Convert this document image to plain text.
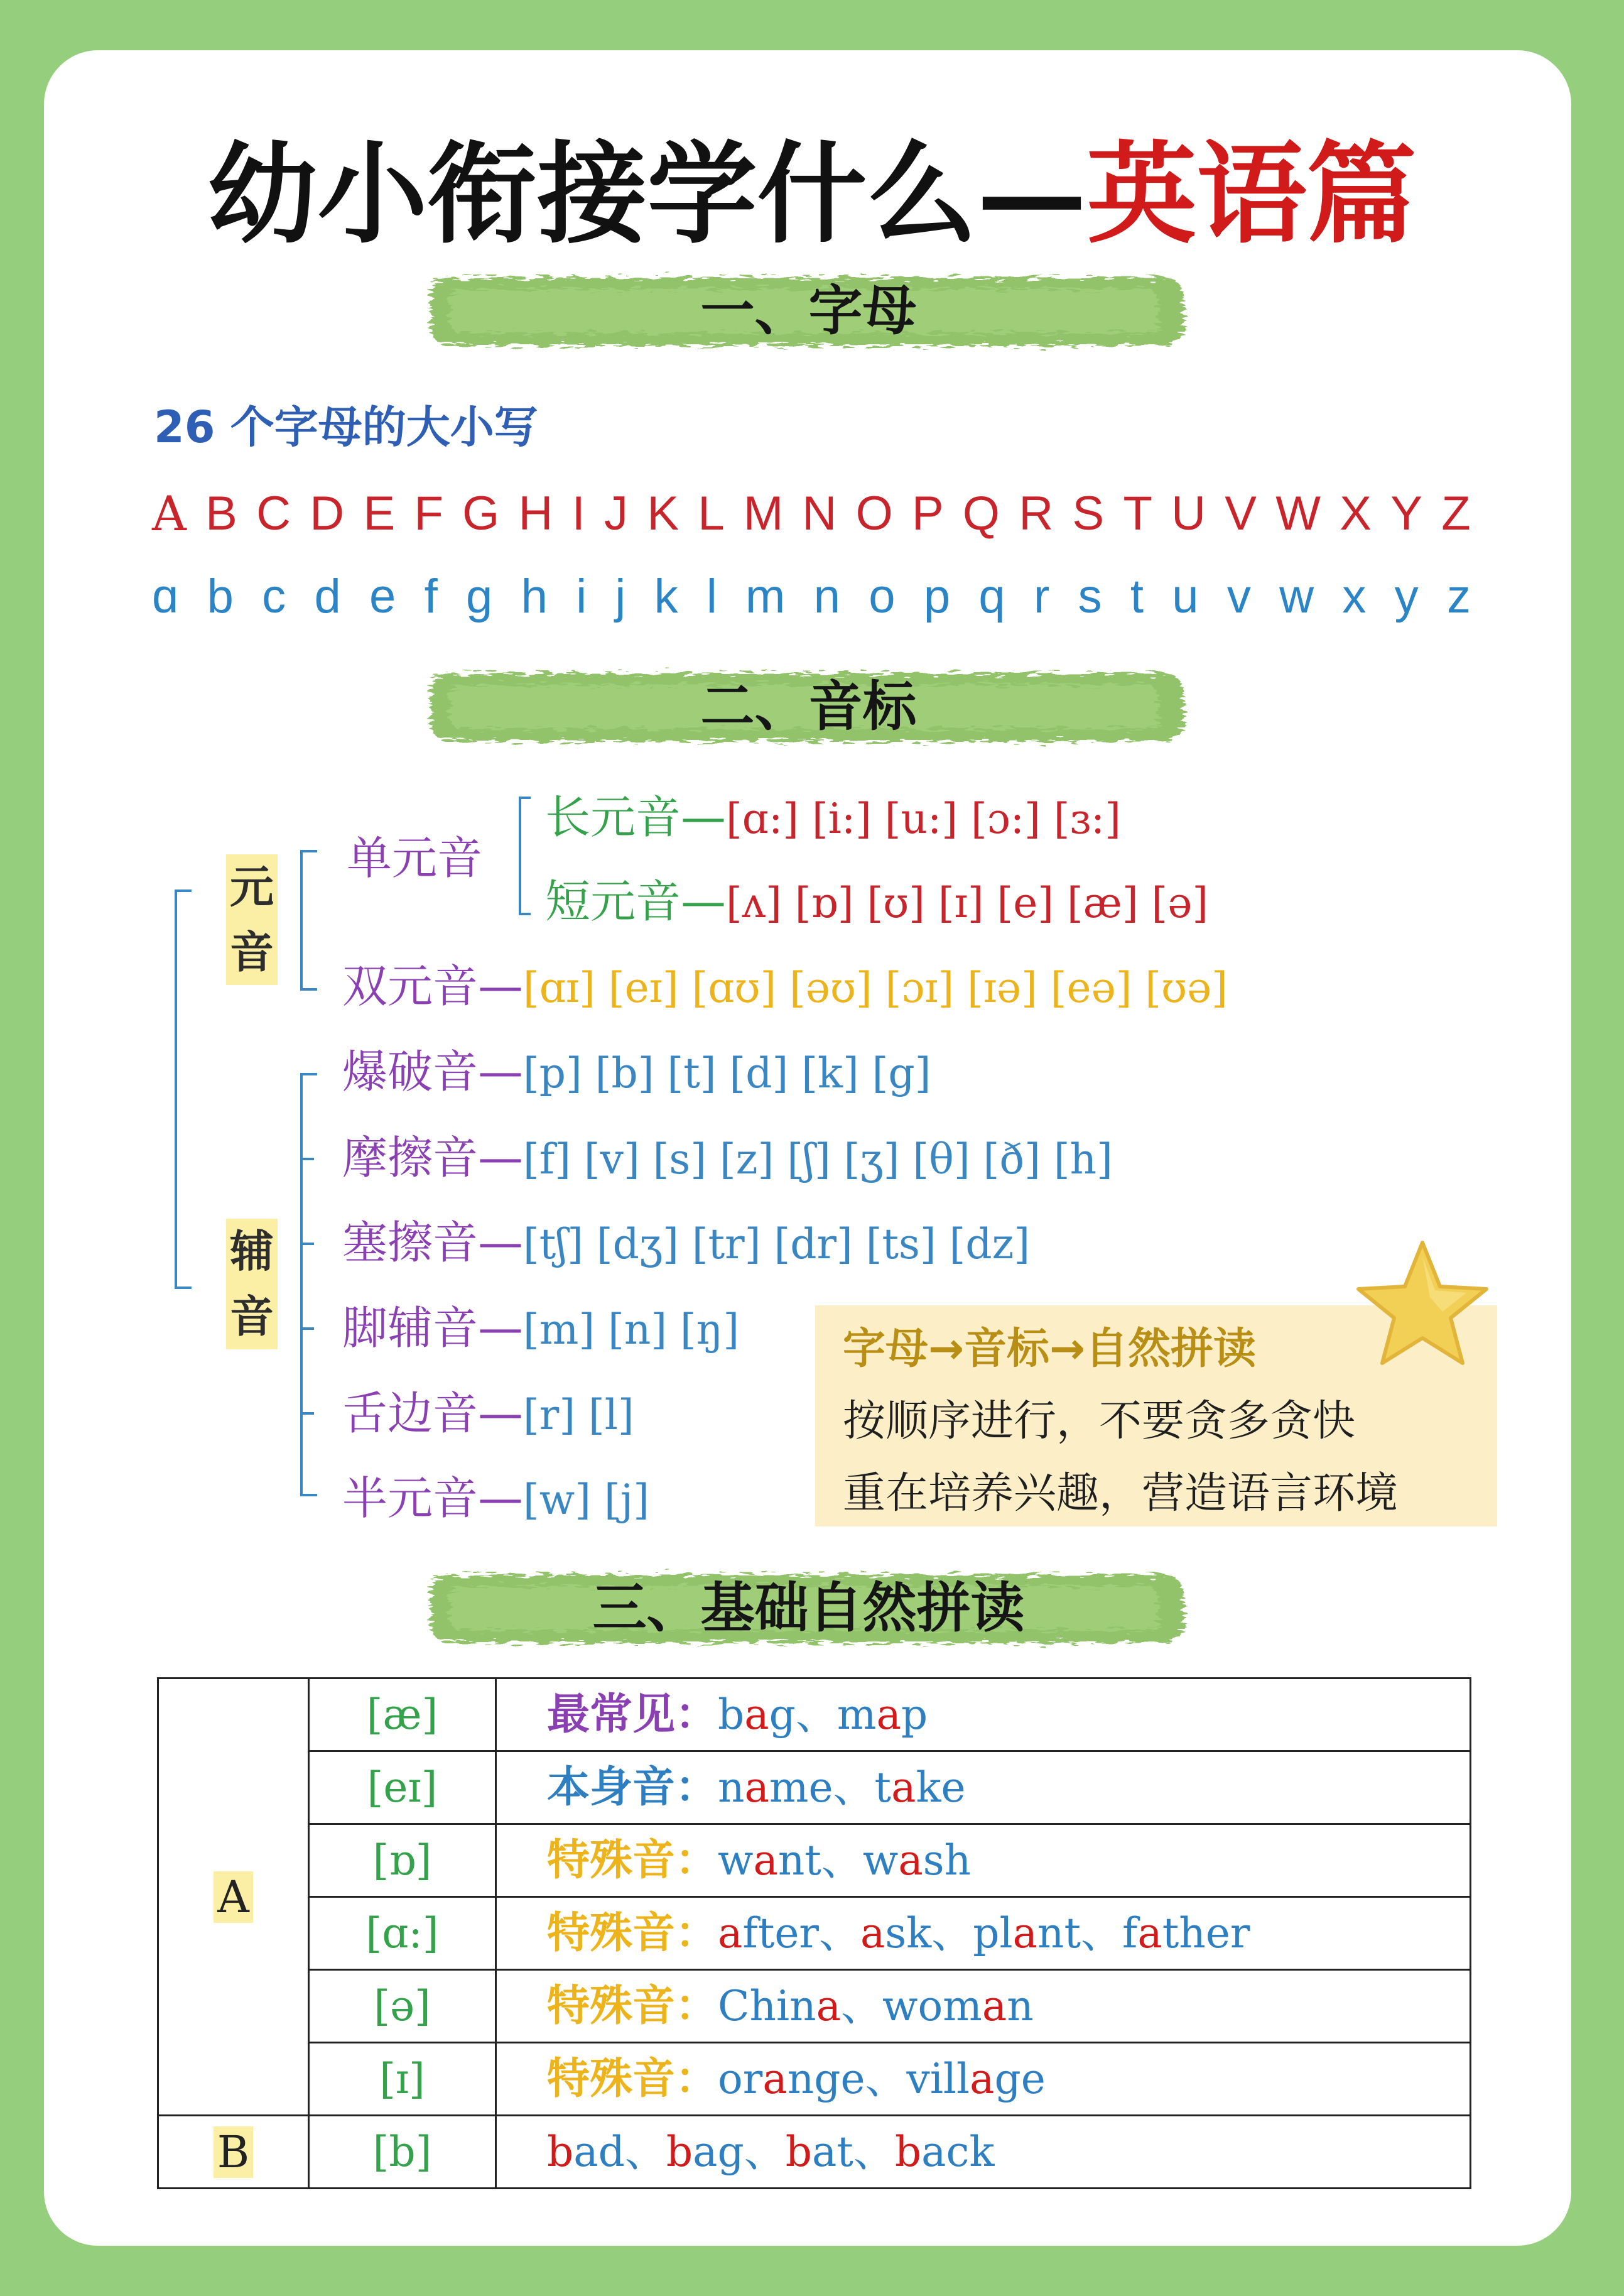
幼小衔接学什么—英语篇
一、字母
二、音标
三、基础自然拼读
26 个字母的大小写
A B C D E F G H I J K L M N O P Q R S T U V W X Y Z
ɑ b c d e f g h i j k l m n o p q r s t u v w x y z
元
音
辅
音
单元音
长元音—[ɑ:] [i:] [u:] [ɔ:] [ɜ:]
短元音—[ʌ] [ɒ] [ʊ] [ɪ] [e] [æ] [ə]
双元音—[ɑɪ] [eɪ] [ɑʊ] [əʊ] [ɔɪ] [ɪə] [eə] [ʊə]
爆破音—[p] [b] [t] [d] [k] [g]
摩擦音—[f] [v] [s] [z] [ʃ] [ʒ] [θ] [ð] [h]
塞擦音—[tʃ] [dʒ] [tr] [dr] [ts] [dz]
脚辅音—[m] [n] [ŋ]
舌边音—[r] [l]
半元音—[w] [j]
字母→音标→自然拼读
按顺序进行，不要贪多贪快
重在培养兴趣，营造语言环境
A	[æ]	最常见：bag、map
	[eɪ]	本身音：name、take
	[ɒ]	特殊音：want、wash
	[ɑ:]	特殊音：after、ask、plant、father
	[ə]	特殊音：China、woman
	[ɪ]	特殊音：orange、village
B	[b]	bad、bag、bat、back
